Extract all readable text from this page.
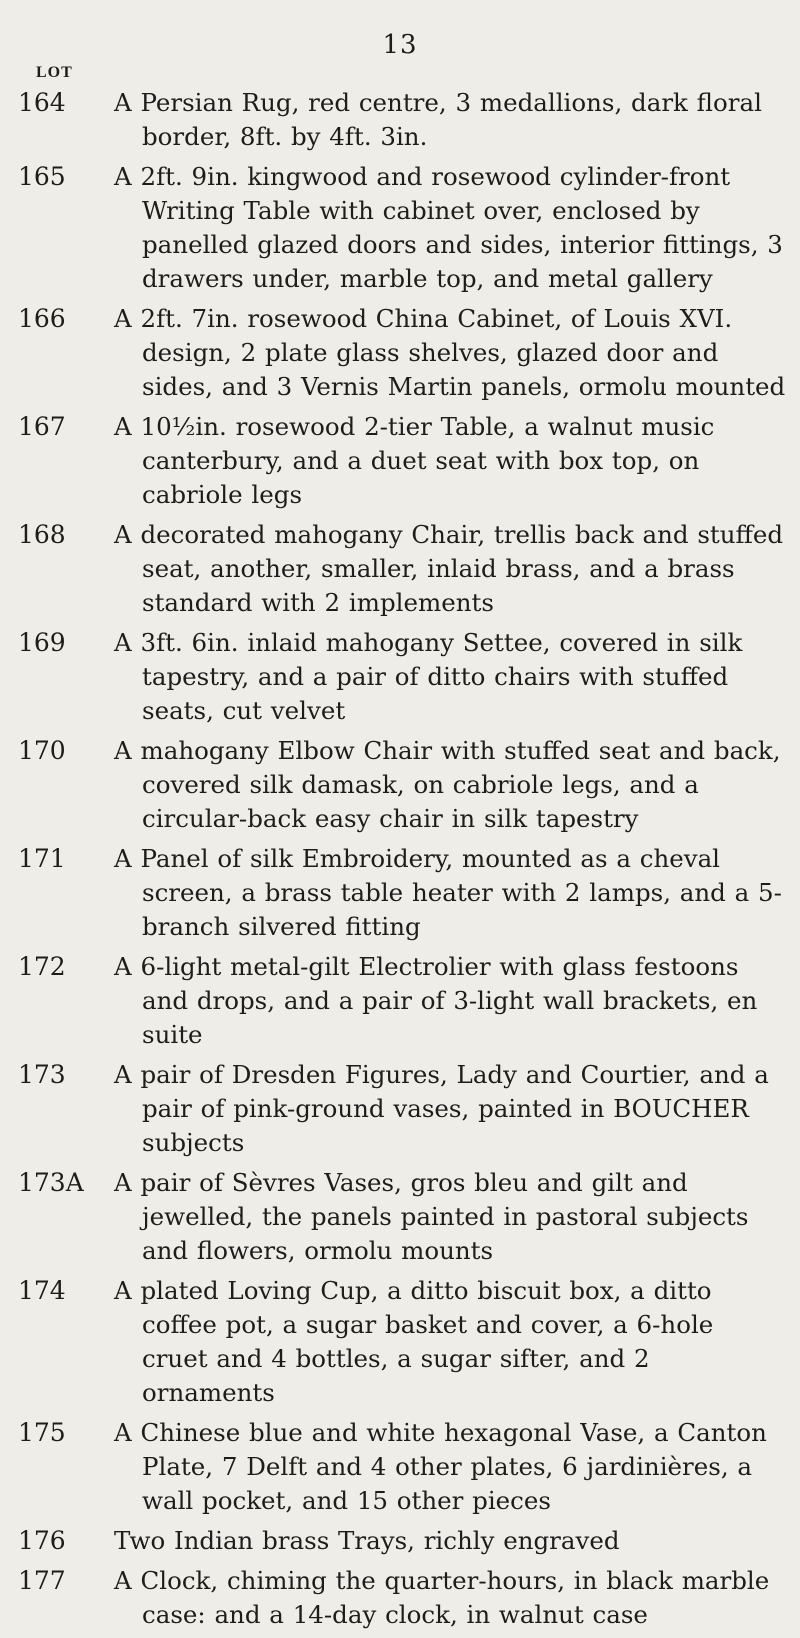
13
LOT
164	A Persian Rug, red centre, 3 medallions, dark floral border, 8ft. by 4ft. 3in.
165	A 2ft. 9in. kingwood and rosewood cylinder-front Writing Table with cabinet over, enclosed by panelled glazed doors and sides, interior fittings, 3 drawers under, marble top, and metal gallery
166	A 2ft. 7in. rosewood China Cabinet, of Louis XVI. design, 2 plate glass shelves, glazed door and sides, and 3 Vernis Martin panels, ormolu mounted
167	A 10½in. rosewood 2-tier Table, a walnut music canterbury, and a duet seat with box top, on cabriole legs
168	A decorated mahogany Chair, trellis back and stuffed seat, another, smaller, inlaid brass, and a brass standard with 2 implements
169	A 3ft. 6in. inlaid mahogany Settee, covered in silk tapestry, and a pair of ditto chairs with stuffed seats, cut velvet
170	A mahogany Elbow Chair with stuffed seat and back, covered silk damask, on cabriole legs, and a circular-back easy chair in silk tapestry
171	A Panel of silk Embroidery, mounted as a cheval screen, a brass table heater with 2 lamps, and a 5-branch silvered fitting
172	A 6-light metal-gilt Electrolier with glass festoons and drops, and a pair of 3-light wall brackets, en suite
173	A pair of Dresden Figures, Lady and Courtier, and a pair of pink-ground vases, painted in BOUCHER subjects
173A	A pair of Sèvres Vases, gros bleu and gilt and jewelled, the panels painted in pastoral subjects and flowers, ormolu mounts
174	A plated Loving Cup, a ditto biscuit box, a ditto coffee pot, a sugar basket and cover, a 6-hole cruet and 4 bottles, a sugar sifter, and 2 ornaments
175	A Chinese blue and white hexagonal Vase, a Canton Plate, 7 Delft and 4 other plates, 6 jardinières, a wall pocket, and 15 other pieces
176	Two Indian brass Trays, richly engraved
177	A Clock, chiming the quarter-hours, in black marble case: and a 14-day clock, in walnut case
